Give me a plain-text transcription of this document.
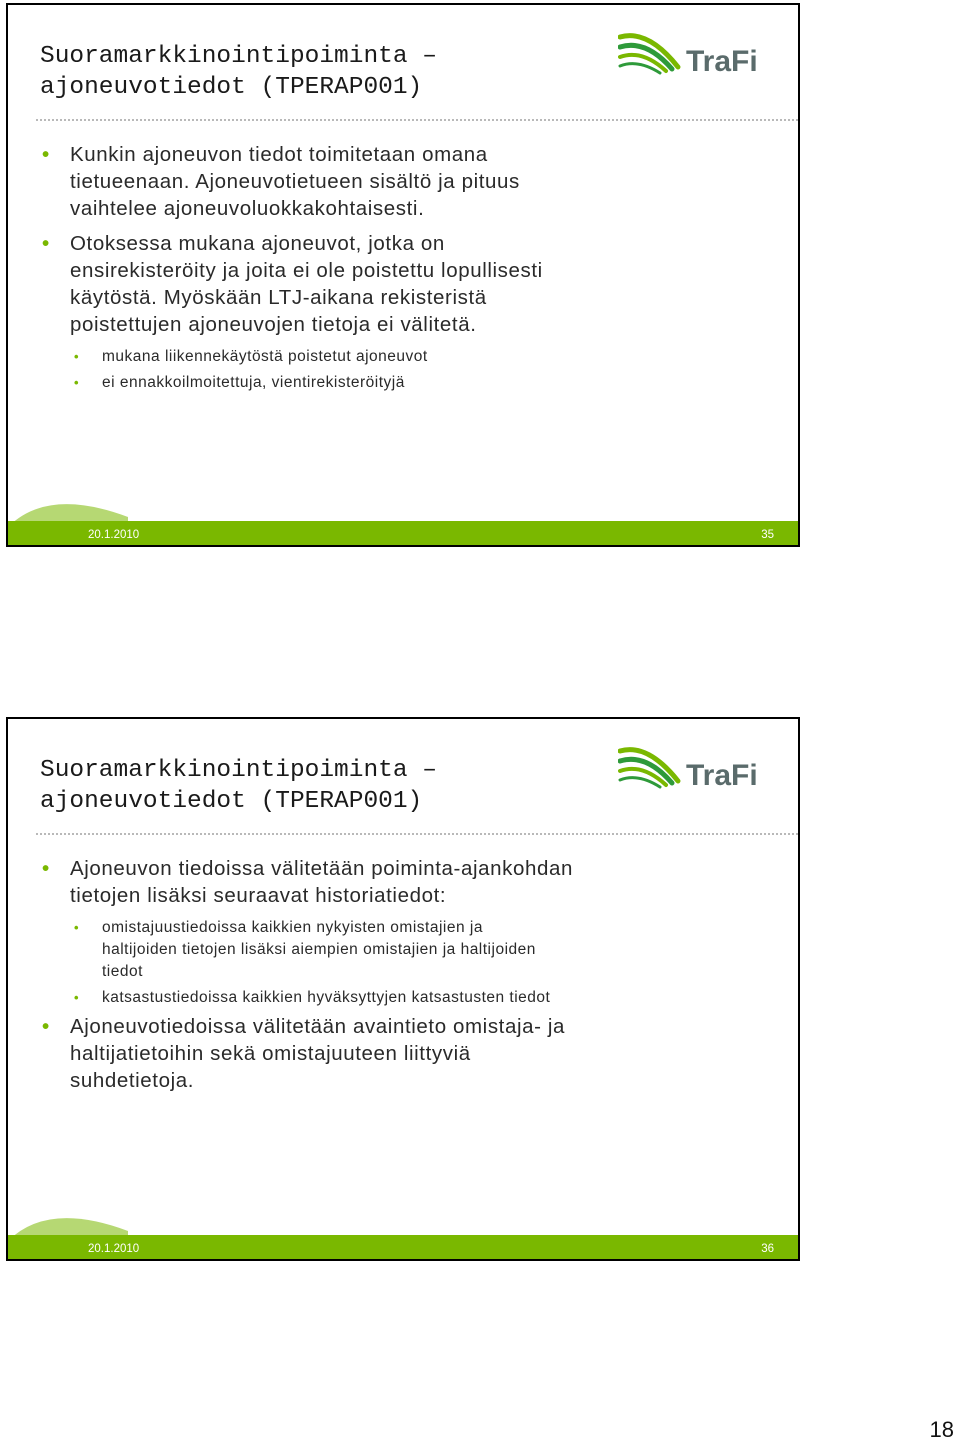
Suoramarkkinointipoiminta –
ajoneuvotiedot (TPERAP001)
TraFi
• Kunkin ajoneuvon tiedot toimitetaan omana
tietueenaan. Ajoneuvotietueen sisältö ja pituus
vaihtelee ajoneuvoluokkakohtaisesti.
• Otoksessa mukana ajoneuvot, jotka on
ensirekisteröity ja joita ei ole poistettu lopullisesti
käytöstä. Myöskään LTJ-aikana rekisteristä
poistettujen ajoneuvojen tietoja ei välitetä.
• mukana liikennekäytöstä poistetut ajoneuvot
• ei ennakkoilmoitettuja, vientirekisteröityjä
20.1.2010	35
Suoramarkkinointipoiminta –
ajoneuvotiedot (TPERAP001)
TraFi
• Ajoneuvon tiedoissa välitetään poiminta-ajankohdan
tietojen lisäksi seuraavat historiatiedot:
• omistajuustiedoissa kaikkien nykyisten omistajien ja
haltijoiden tietojen lisäksi aiempien omistajien ja haltijoiden
tiedot
• katsastustiedoissa kaikkien hyväksyttyjen katsastusten tiedot
• Ajoneuvotiedoissa välitetään avaintieto omistaja- ja
haltijatietoihin sekä omistajuuteen liittyviä
suhdetietoja.
20.1.2010	36
18
